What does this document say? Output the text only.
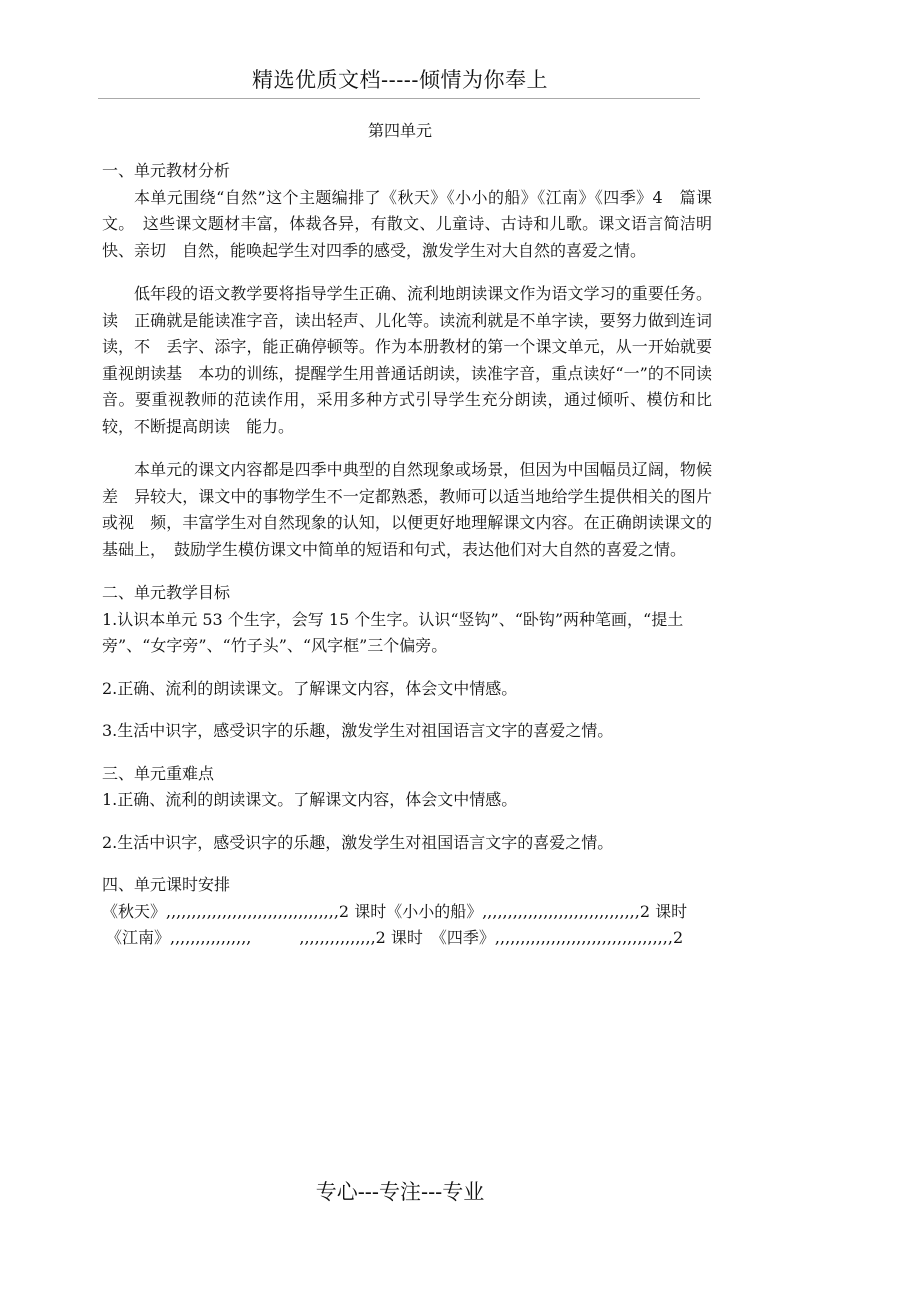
精选优质文档-----倾情为你奉上
第四单元

一、单元教材分析

本单元围绕“自然”这个主题编排了《秋天》《小小的船》《江南》《四季》4　篇课文。　这些课文题材丰富，体裁各异，有散文、儿童诗、古诗和儿歌。课文语言简洁明快、亲切　自然，能唤起学生对四季的感受，激发学生对大自然的喜爱之情。

低年段的语文教学要将指导学生正确、流利地朗读课文作为语文学习的重要任务。读　正确就是能读准字音，读出轻声、儿化等。读流利就是不单字读，要努力做到连词读，不　丢字、添字，能正确停顿等。作为本册教材的第一个课文单元，从一开始就要重视朗读基　本功的训练，提醒学生用普通话朗读，读准字音，重点读好“一”的不同读音。要重视教师的范读作用，采用多种方式引导学生充分朗读，通过倾听、模仿和比较，不断提高朗读　能力。

本单元的课文内容都是四季中典型的自然现象或场景，但因为中国幅员辽阔，物候差　异较大，课文中的事物学生不一定都熟悉，教师可以适当地给学生提供相关的图片或视　频，丰富学生对自然现象的认知，以便更好地理解课文内容。在正确朗读课文的基础上，　鼓励学生模仿课文中简单的短语和句式，表达他们对大自然的喜爱之情。

二、单元教学目标

1.认识本单元 53 个生字，会写 15 个生字。认识“竖钩”、“卧钩”两种笔画，“提土旁”、“女字旁”、“竹子头”、“风字框”三个偏旁。

2.正确、流利的朗读课文。了解课文内容，体会文中情感。

3.生活中识字，感受识字的乐趣，激发学生对祖国语言文字的喜爱之情。

三、单元重难点

1.正确、流利的朗读课文。了解课文内容，体会文中情感。

2.生活中识字，感受识字的乐趣，激发学生对祖国语言文字的喜爱之情。

四、单元课时安排

《秋天》,,,,,,,,,,,,,,,,,,,,,,,,,,,,,,,,,,2 课时《小小的船》,,,,,,,,,,,,,,,,,,,,,,,,,,,,,,,2 课时

《江南》,,,,,,,,,,,,,,,,　　　,,,,,,,,,,,,,,,2 课时　《四季》,,,,,,,,,,,,,,,,,,,,,,,,,,,,,,,,,,,2

专心---专注---专业
